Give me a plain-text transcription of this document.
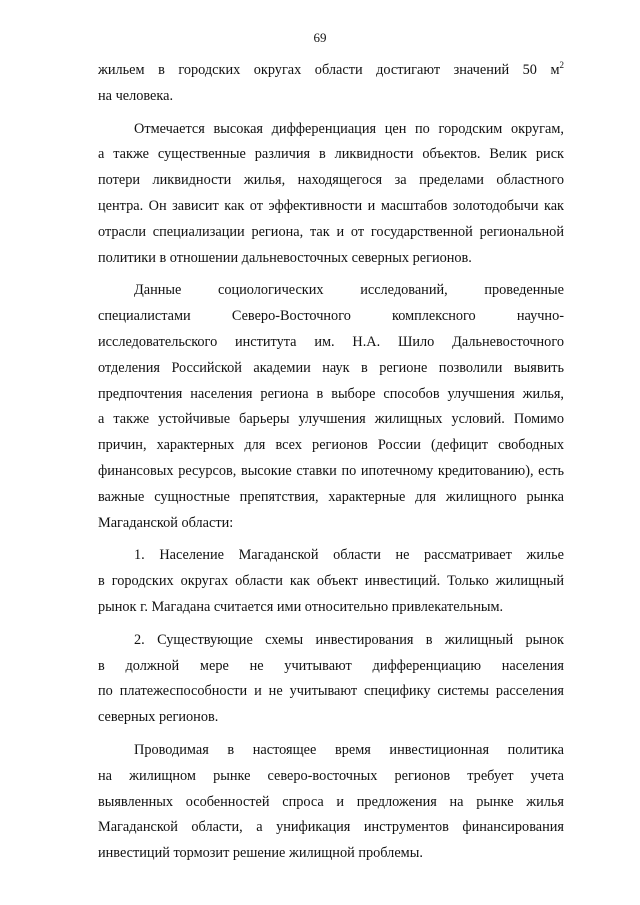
69

жильем в городских округах области достигают значений 50 $м^2$
на человека.

Отмечается высокая дифференциация цен по городским округам,
а также существенные различия в ликвидности объектов. Велик риск
потери ликвидности жилья, находящегося за пределами областного
центра. Он зависит как от эффективности и масштабов золотодобычи как
отрасли специализации региона, так и от государственной региональной
политики в отношении дальневосточных северных регионов.

Данные социологических исследований, проведенные
специалистами Северо-Восточного комплексного научно-
исследовательского института им. Н.А. Шило Дальневосточного
отделения Российской академии наук в регионе позволили выявить
предпочтения населения региона в выборе способов улучшения жилья,
а также устойчивые барьеры улучшения жилищных условий. Помимо
причин, характерных для всех регионов России (дефицит свободных
финансовых ресурсов, высокие ставки по ипотечному кредитованию), есть
важные сущностные препятствия, характерные для жилищного рынка
Магаданской области:

1. Население Магаданской области не рассматривает жилье
в городских округах области как объект инвестиций. Только жилищный
рынок г. Магадана считается ими относительно привлекательным.

2. Существующие схемы инвестирования в жилищный рынок
в должной мере не учитывают дифференциацию населения
по платежеспособности и не учитывают специфику системы расселения
северных регионов.

Проводимая в настоящее время инвестиционная политика
на жилищном рынке северо-восточных регионов требует учета
выявленных особенностей спроса и предложения на рынке жилья
Магаданской области, а унификация инструментов финансирования
инвестиций тормозит решение жилищной проблемы.
